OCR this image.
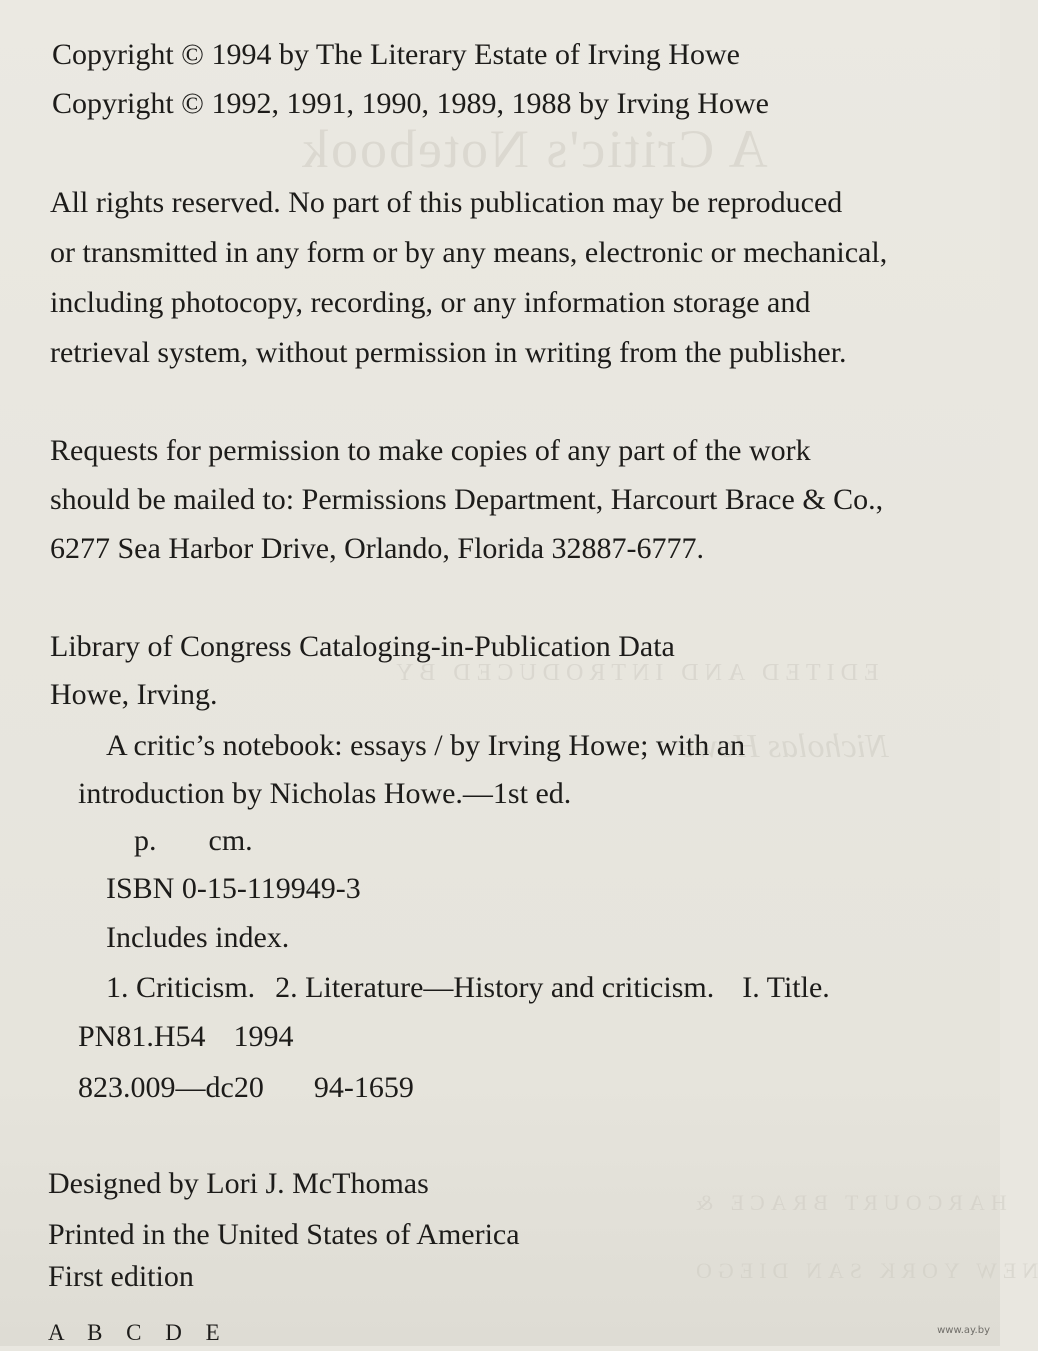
A Critic's Notebook
EDITED AND INTRODUCED BY
Nicholas Howe
HARCOURT BRACE &
NEW YORK SAN DIEGO
Copyright © 1994 by The Literary Estate of Irving Howe
Copyright © 1992, 1991, 1990, 1989, 1988 by Irving Howe
All rights reserved. No part of this publication may be reproduced
or transmitted in any form or by any means, electronic or mechanical,
including photocopy, recording, or any information storage and
retrieval system, without permission in writing from the publisher.
Requests for permission to make copies of any part of the work
should be mailed to: Permissions Department, Harcourt Brace & Co.,
6277 Sea Harbor Drive, Orlando, Florida 32887-6777.
Library of Congress Cataloging-in-Publication Data
Howe, Irving.
A critic’s notebook: essays / by Irving Howe; with an
introduction by Nicholas Howe.—1st ed.
p. cm.
ISBN 0-15-119949-3
Includes index.
1. Criticism. 2. Literature—History and criticism. I. Title.
PN81.H54 1994
823.009—dc20 94-1659
Designed by Lori J. McThomas
Printed in the United States of America
First edition
A B C D E	www.ay.by
